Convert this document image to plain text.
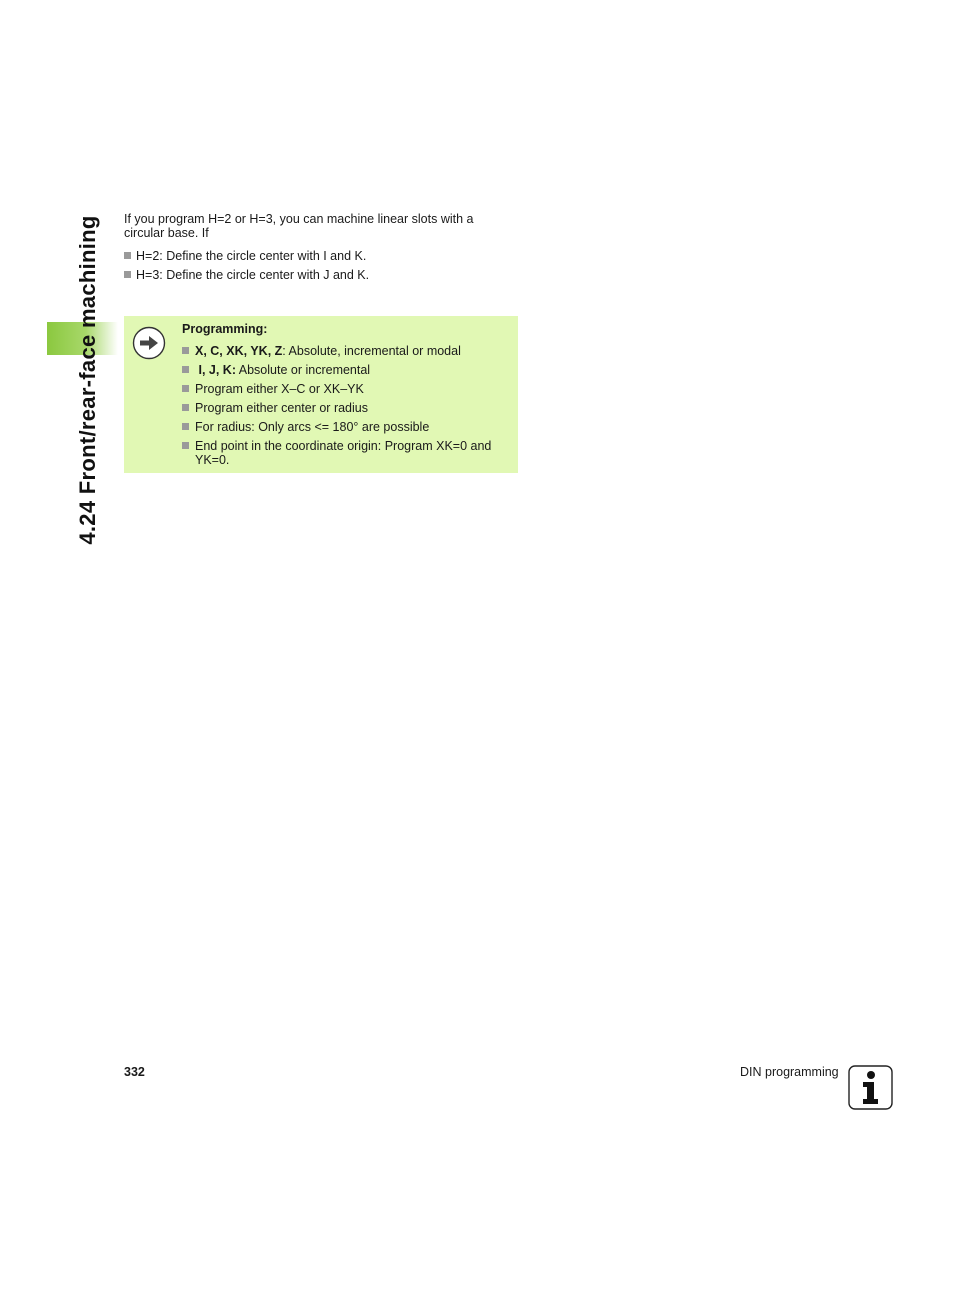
4.24 Front/rear-face machining If you program H=2 or H=3, you can machine linear slots with a circular base. If
H=2: Define the circle center with I and K.
H=3: Define the circle center with J and K.
Programming:
X, C, XK, YK, Z: Absolute, incremental or modal
I, J, K: Absolute or incremental
Program either X–C or XK–YK
Program either center or radius
For radius: Only arcs <= 180° are possible
End point in the coordinate origin: Program XK=0 and YK=0.
332	DIN programming
